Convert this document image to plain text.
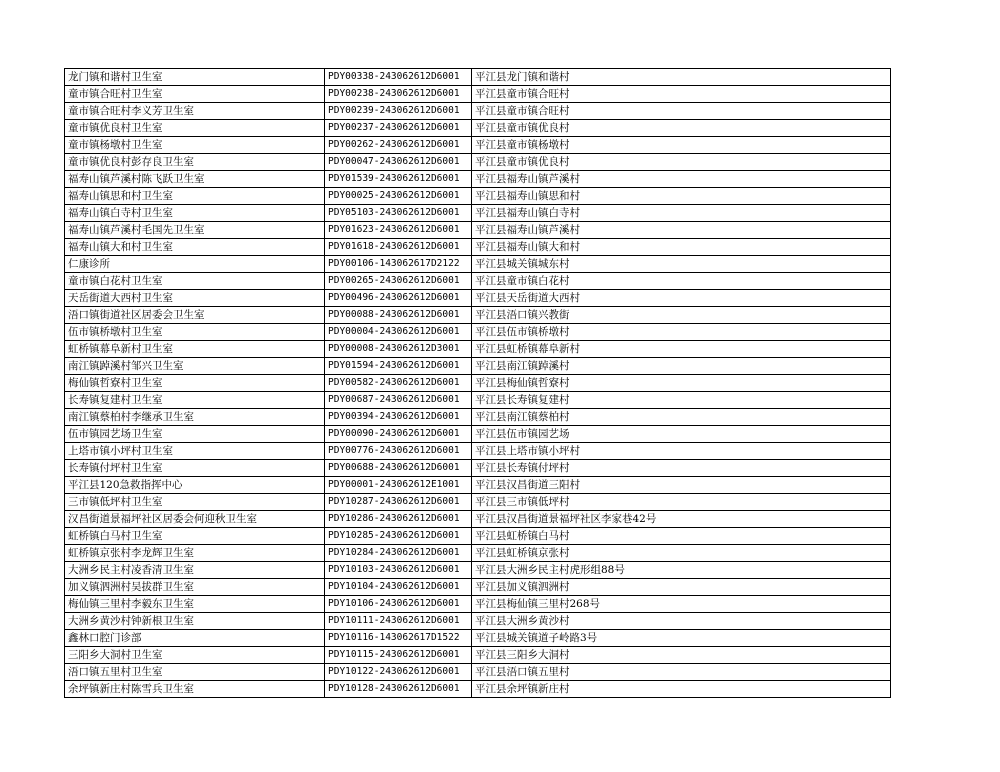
龙门镇和谐村卫生室	PDY00338-243062612D6001	平江县龙门镇和谐村
童市镇合旺村卫生室	PDY00238-243062612D6001	平江县童市镇合旺村
童市镇合旺村李义芳卫生室	PDY00239-243062612D6001	平江县童市镇合旺村
童市镇优良村卫生室	PDY00237-243062612D6001	平江县童市镇优良村
童市镇杨墩村卫生室	PDY00262-243062612D6001	平江县童市镇杨墩村
童市镇优良村彭存良卫生室	PDY00047-243062612D6001	平江县童市镇优良村
福寿山镇芦溪村陈飞跃卫生室	PDY01539-243062612D6001	平江县福寿山镇芦溪村
福寿山镇思和村卫生室	PDY00025-243062612D6001	平江县福寿山镇思和村
福寿山镇白寺村卫生室	PDY05103-243062612D6001	平江县福寿山镇白寺村
福寿山镇芦溪村毛国先卫生室	PDY01623-243062612D6001	平江县福寿山镇芦溪村
福寿山镇大和村卫生室	PDY01618-243062612D6001	平江县福寿山镇大和村
仁康诊所	PDY00106-143062617D2122	平江县城关镇城东村
童市镇白花村卫生室	PDY00265-243062612D6001	平江县童市镇白花村
天岳街道大西村卫生室	PDY00496-243062612D6001	平江县天岳街道大西村
浯口镇街道社区居委会卫生室	PDY00088-243062612D6001	平江县浯口镇兴教街
伍市镇桥墩村卫生室	PDY00004-243062612D6001	平江县伍市镇桥墩村
虹桥镇幕阜新村卫生室	PDY00008-243062612D3001	平江县虹桥镇幕阜新村
南江镇踔溪村邹兴卫生室	PDY01594-243062612D6001	平江县南江镇踔溪村
梅仙镇哲寮村卫生室	PDY00582-243062612D6001	平江县梅仙镇哲寮村
长寿镇复建村卫生室	PDY00687-243062612D6001	平江县长寿镇复建村
南江镇蔡柏村李继承卫生室	PDY00394-243062612D6001	平江县南江镇蔡柏村
伍市镇园艺场卫生室	PDY00090-243062612D6001	平江县伍市镇园艺场
上塔市镇小坪村卫生室	PDY00776-243062612D6001	平江县上塔市镇小坪村
长寿镇付坪村卫生室	PDY00688-243062612D6001	平江县长寿镇付坪村
平江县120急救指挥中心	PDY00001-243062612E1001	平江县汉昌街道三阳村
三市镇低坪村卫生室	PDY10287-243062612D6001	平江县三市镇低坪村
汉昌街道景福坪社区居委会何迎秋卫生室	PDY10286-243062612D6001	平江县汉昌街道景福坪社区李家巷42号
虹桥镇白马村卫生室	PDY10285-243062612D6001	平江县虹桥镇白马村
虹桥镇京张村李龙辉卫生室	PDY10284-243062612D6001	平江县虹桥镇京张村
大洲乡民主村凌香清卫生室	PDY10103-243062612D6001	平江县大洲乡民主村虎形组88号
加义镇泗洲村吴拔群卫生室	PDY10104-243062612D6001	平江县加义镇泗洲村
梅仙镇三里村李毅东卫生室	PDY10106-243062612D6001	平江县梅仙镇三里村268号
大洲乡黄沙村钟新根卫生室	PDY10111-243062612D6001	平江县大洲乡黄沙村
鑫林口腔门诊部	PDY10116-143062617D1522	平江县城关镇道子岭路3号
三阳乡大洞村卫生室	PDY10115-243062612D6001	平江县三阳乡大洞村
浯口镇五里村卫生室	PDY10122-243062612D6001	平江县浯口镇五里村
余坪镇新庄村陈雪兵卫生室	PDY10128-243062612D6001	平江县余坪镇新庄村
